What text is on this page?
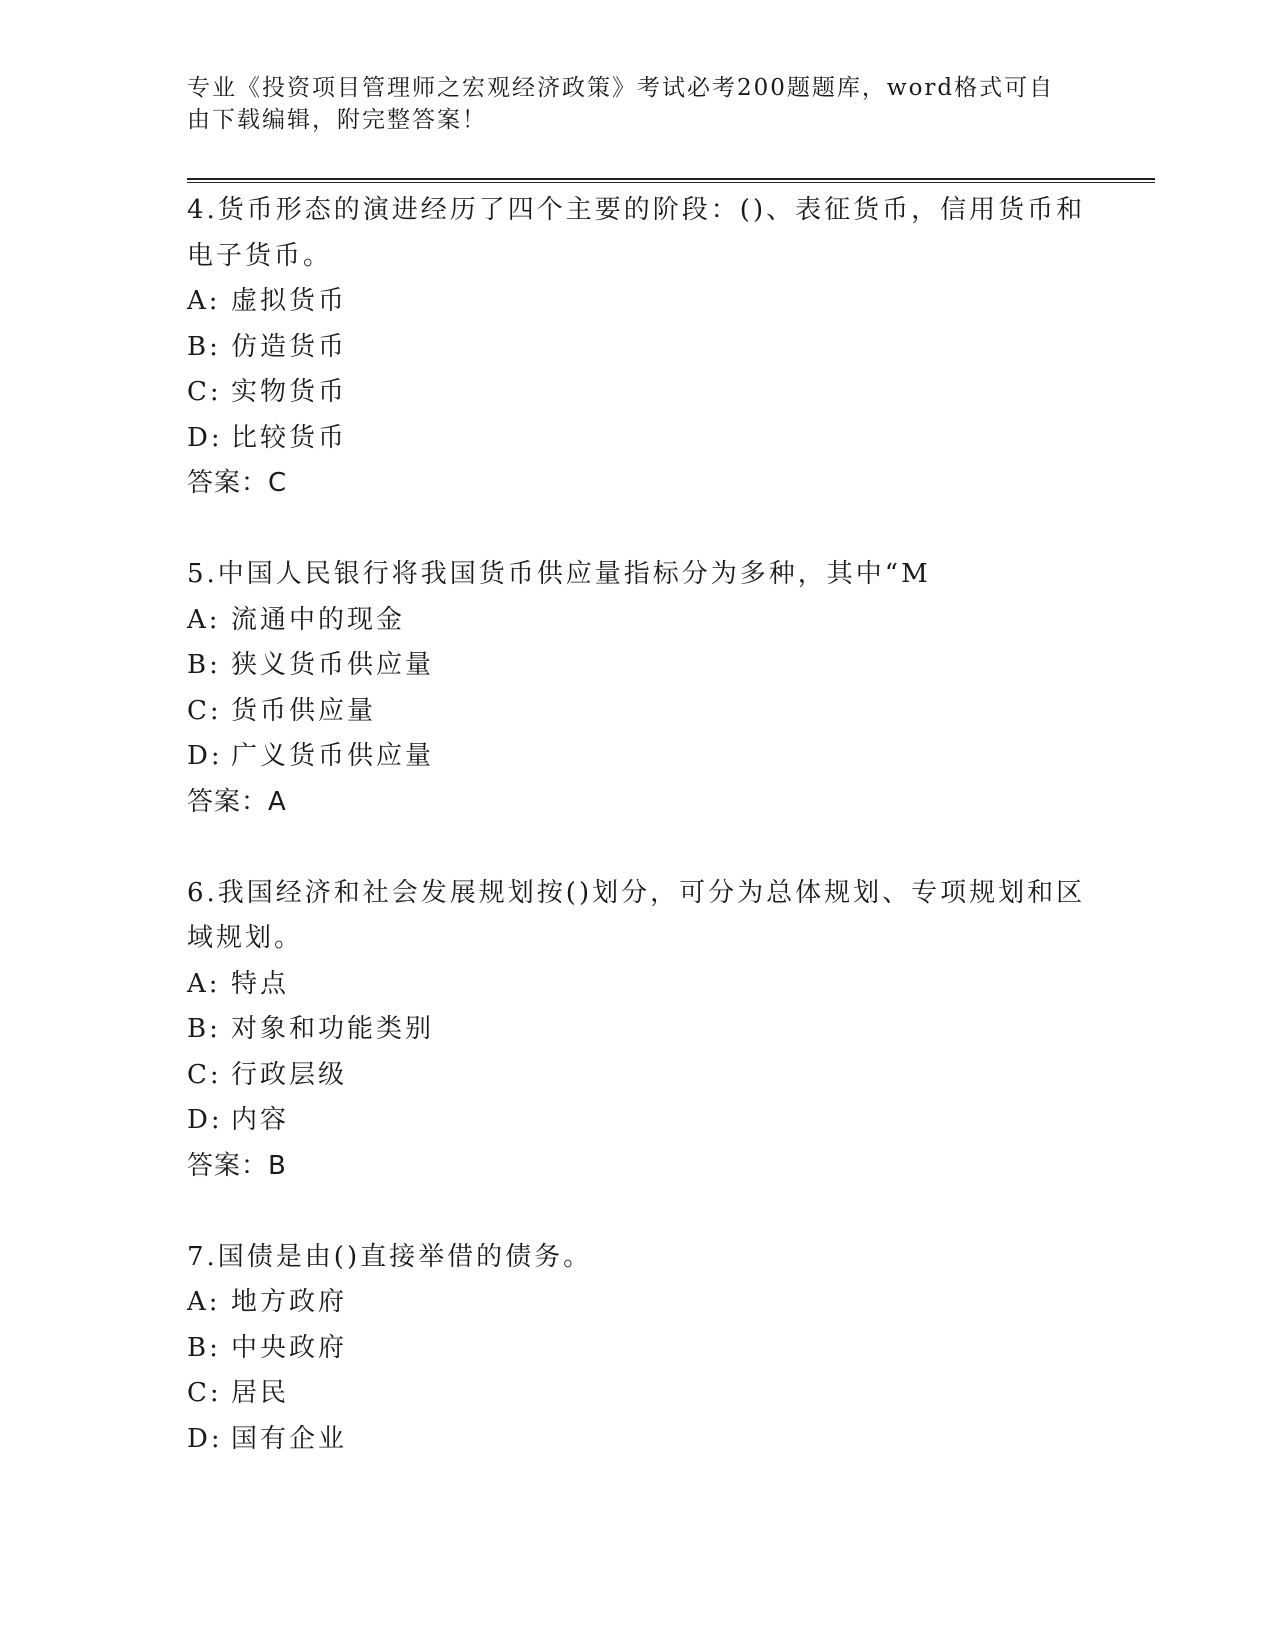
专业《投资项目管理师之宏观经济政策》考试必考200题题库，word格式可自由下载编辑，附完整答案！

4.货币形态的演进经历了四个主要的阶段：()、表征货币，信用货币和电子货币。

A: 虚拟货币
B: 仿造货币
C: 实物货币
D: 比较货币
答案：C

5.中国人民银行将我国货币供应量指标分为多种，其中“M

A: 流通中的现金
B: 狭义货币供应量
C: 货币供应量
D: 广义货币供应量
答案：A

6.我国经济和社会发展规划按()划分，可分为总体规划、专项规划和区域规划。

A: 特点
B: 对象和功能类别
C: 行政层级
D: 内容
答案：B

7.国债是由()直接举借的债务。

A: 地方政府
B: 中央政府
C: 居民
D: 国有企业
